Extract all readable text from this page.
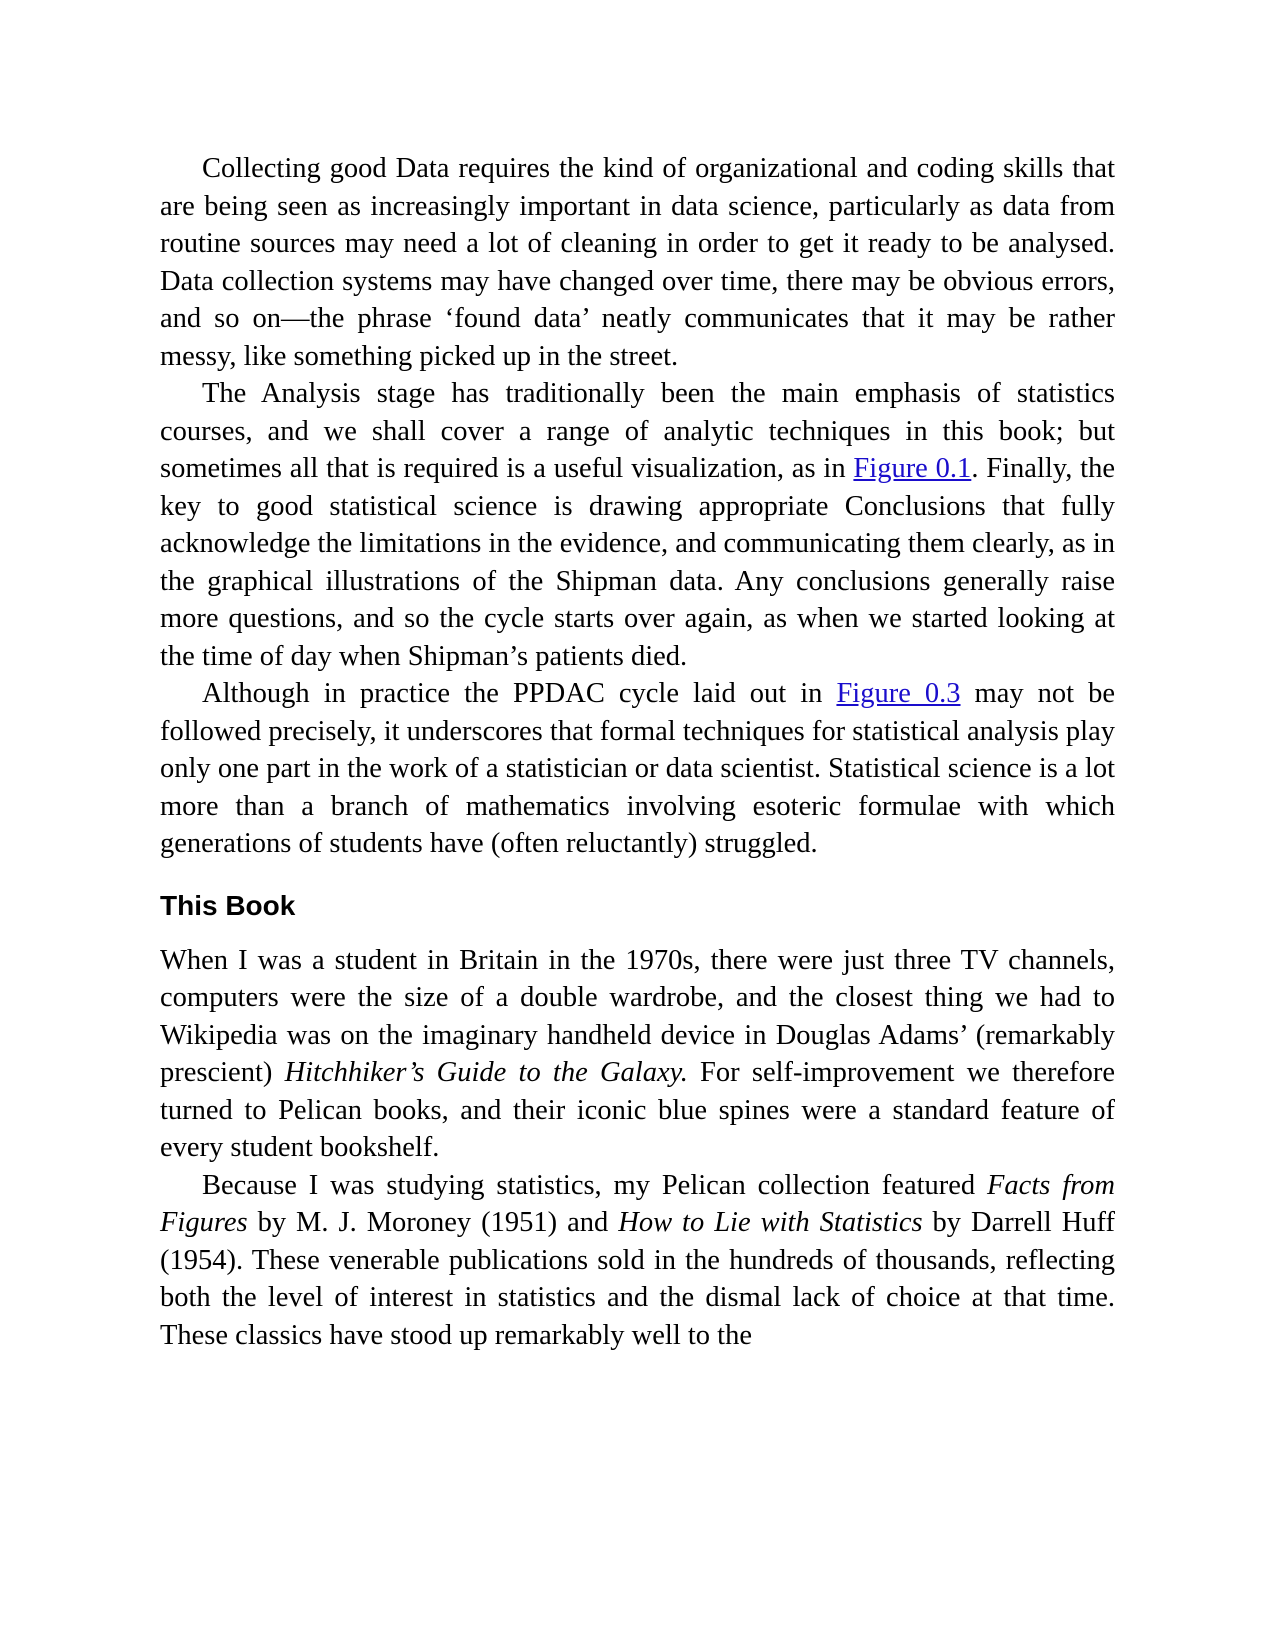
Collecting good Data requires the kind of organizational and coding skills that are being seen as increasingly important in data science, particularly as data from routine sources may need a lot of cleaning in order to get it ready to be analysed. Data collection systems may have changed over time, there may be obvious errors, and so on—the phrase ‘found data’ neatly communicates that it may be rather messy, like something picked up in the street.

The Analysis stage has traditionally been the main emphasis of statistics courses, and we shall cover a range of analytic techniques in this book; but sometimes all that is required is a useful visualization, as in Figure 0.1. Finally, the key to good statistical science is drawing appropriate Conclusions that fully acknowledge the limitations in the evidence, and communicating them clearly, as in the graphical illustrations of the Shipman data. Any conclusions generally raise more questions, and so the cycle starts over again, as when we started looking at the time of day when Shipman’s patients died.

Although in practice the PPDAC cycle laid out in Figure 0.3 may not be followed precisely, it underscores that formal techniques for statistical analysis play only one part in the work of a statistician or data scientist. Statistical science is a lot more than a branch of mathematics involving esoteric formulae with which generations of students have (often reluctantly) struggled.

This Book

When I was a student in Britain in the 1970s, there were just three TV channels, computers were the size of a double wardrobe, and the closest thing we had to Wikipedia was on the imaginary handheld device in Douglas Adams’ (remarkably prescient) Hitchhiker’s Guide to the Galaxy. For self-improvement we therefore turned to Pelican books, and their iconic blue spines were a standard feature of every student bookshelf.

Because I was studying statistics, my Pelican collection featured Facts from Figures by M. J. Moroney (1951) and How to Lie with Statistics by Darrell Huff (1954). These venerable publications sold in the hundreds of thousands, reflecting both the level of interest in statistics and the dismal lack of choice at that time. These classics have stood up remarkably well to the
